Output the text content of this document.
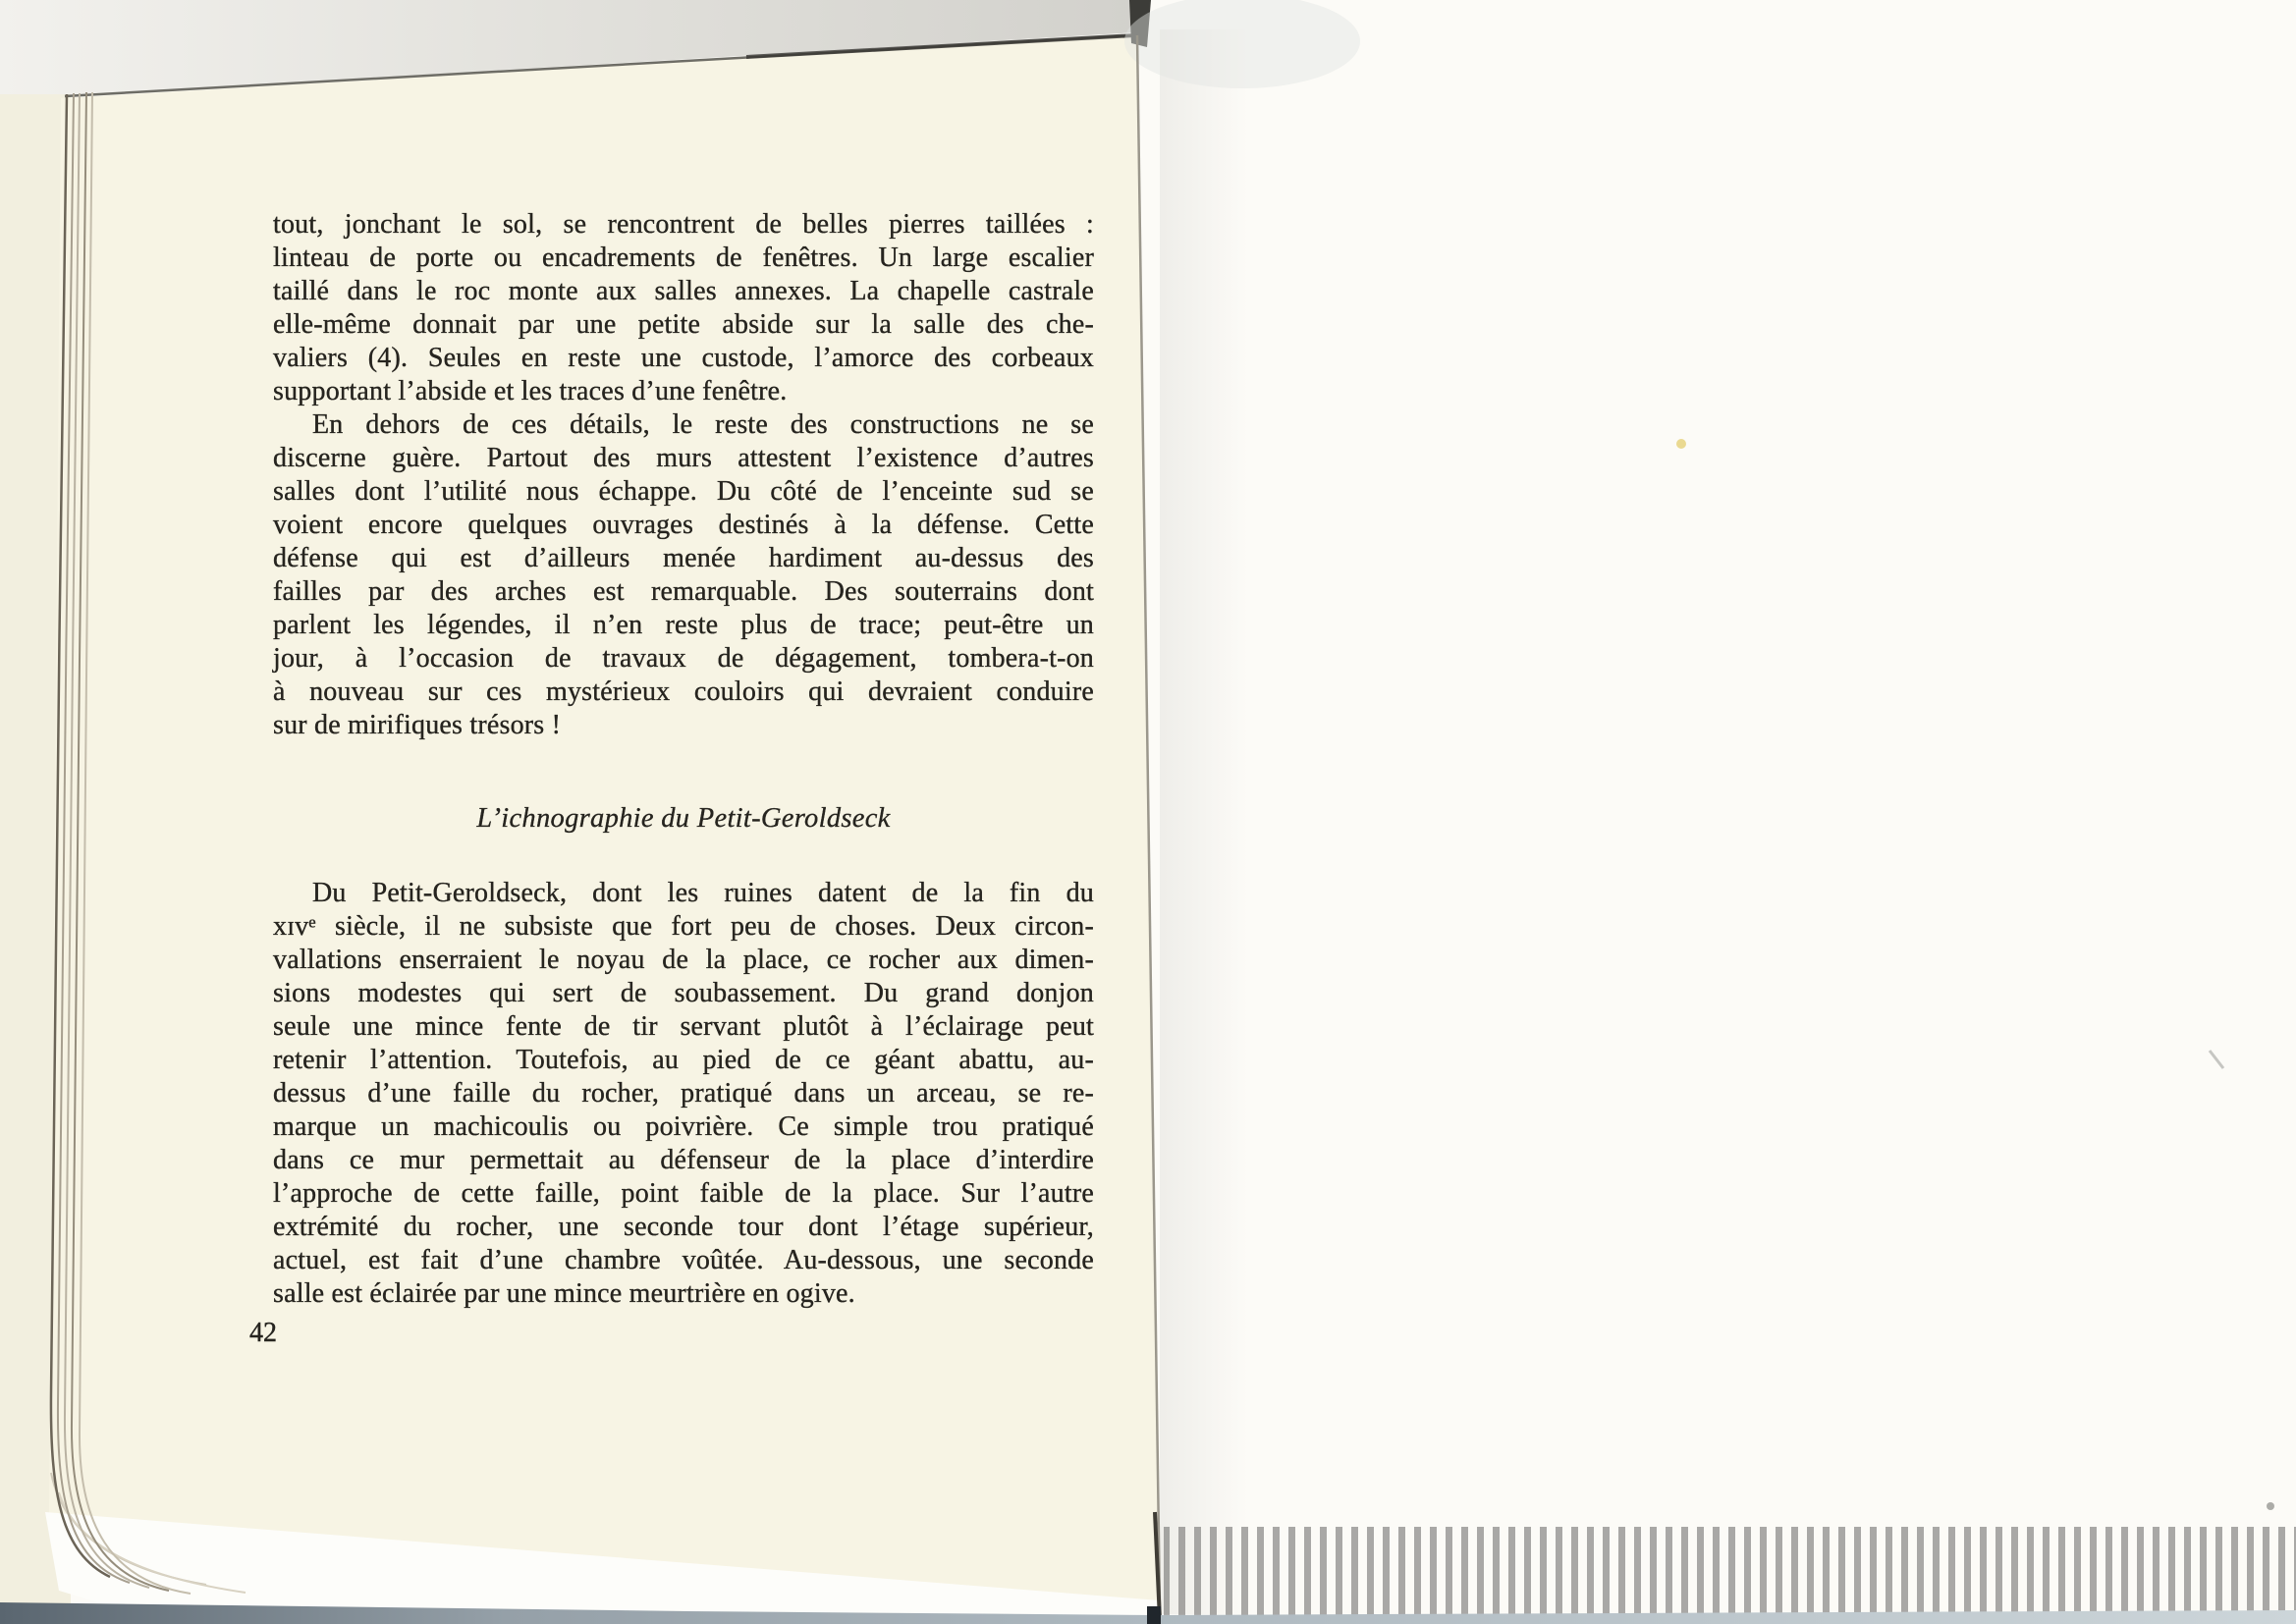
tout, jonchant le sol, se rencontrent de belles pierres taillées :
linteau de porte ou encadrements de fenêtres. Un large escalier
taillé dans le roc monte aux salles annexes. La chapelle castrale
elle-même donnait par une petite abside sur la salle des che-
valiers (4). Seules en reste une custode, l’amorce des corbeaux
supportant l’abside et les traces d’une fenêtre.
En dehors de ces détails, le reste des constructions ne se
discerne guère. Partout des murs attestent l’existence d’autres
salles dont l’utilité nous échappe. Du côté de l’enceinte sud se
voient encore quelques ouvrages destinés à la défense. Cette
défense qui est d’ailleurs menée hardiment au-dessus des
failles par des arches est remarquable. Des souterrains dont
parlent les légendes, il n’en reste plus de trace; peut-être un
jour, à l’occasion de travaux de dégagement, tombera-t-on
à nouveau sur ces mystérieux couloirs qui devraient conduire
sur de mirifiques trésors !
L’ichnographie du Petit-Geroldseck
Du Petit-Geroldseck, dont les ruines datent de la fin du
xɪvᵉ siècle, il ne subsiste que fort peu de choses. Deux circon-
vallations enserraient le noyau de la place, ce rocher aux dimen-
sions modestes qui sert de soubassement. Du grand donjon
seule une mince fente de tir servant plutôt à l’éclairage peut
retenir l’attention. Toutefois, au pied de ce géant abattu, au-
dessus d’une faille du rocher, pratiqué dans un arceau, se re-
marque un machicoulis ou poivrière. Ce simple trou pratiqué
dans ce mur permettait au défenseur de la place d’interdire
l’approche de cette faille, point faible de la place. Sur l’autre
extrémité du rocher, une seconde tour dont l’étage supérieur,
actuel, est fait d’une chambre voûtée. Au-dessous, une seconde
salle est éclairée par une mince meurtrière en ogive.
42
